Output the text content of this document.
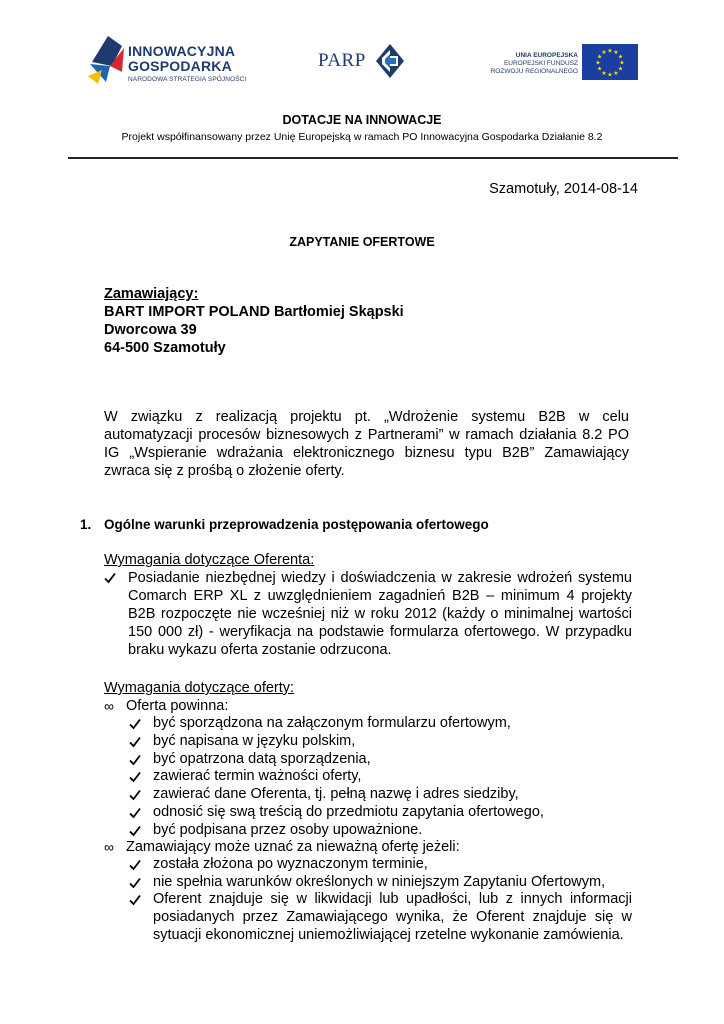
INNOWACYJNA
GOSPODARKA
NARODOWA STRATEGIA SPÓJNOŚCI
PARP	UNIA EUROPEJSKA
EUROPEJSKI FUNDUSZ
ROZWOJU REGIONALNEGO
★
★
★
★
★
★
★
★
★ ★ ★
★
DOTACJE NA INNOWACJE
Projekt współfinansowany przez Unię Europejską w ramach PO Innowacyjna Gospodarka Działanie 8.2
Szamotuły, 2014-08-14
ZAPYTANIE OFERTOWE
Zamawiający:
BART IMPORT POLAND Bartłomiej Skąpski
Dworcowa 39
64-500 Szamotuły
W związku z realizacją projektu pt. „Wdrożenie systemu B2B w celu automatyzacji procesów biznesowych z Partnerami” w ramach działania 8.2 PO IG „Wspieranie wdrażania elektronicznego biznesu typu B2B” Zamawiający zwraca się z prośbą o złożenie oferty.
1. Ogólne warunki przeprowadzenia postępowania ofertowego
Wymagania dotyczące Oferenta:
Posiadanie niezbędnej wiedzy i doświadczenia w zakresie wdrożeń systemu Comarch ERP XL z uwzględnieniem zagadnień B2B – minimum 4 projekty B2B rozpoczęte nie wcześniej niż w roku 2012 (każdy o minimalnej wartości 150 000 zł) - weryfikacja na podstawie formularza ofertowego. W przypadku braku wykazu oferta zostanie odrzucona.
Wymagania dotyczące oferty:
∞ Oferta powinna:
być sporządzona na załączonym formularzu ofertowym,
być napisana w języku polskim,
być opatrzona datą sporządzenia,
zawierać termin ważności oferty,
zawierać dane Oferenta, tj. pełną nazwę i adres siedziby,
odnosić się swą treścią do przedmiotu zapytania ofertowego,
być podpisana przez osoby upoważnione.
∞ Zamawiający może uznać za nieważną ofertę jeżeli:
została złożona po wyznaczonym terminie,
nie spełnia warunków określonych w niniejszym Zapytaniu Ofertowym,
Oferent znajduje się w likwidacji lub upadłości, lub z innych informacji posiadanych przez Zamawiającego wynika, że Oferent znajduje się w sytuacji ekonomicznej uniemożliwiającej rzetelne wykonanie zamówienia.
